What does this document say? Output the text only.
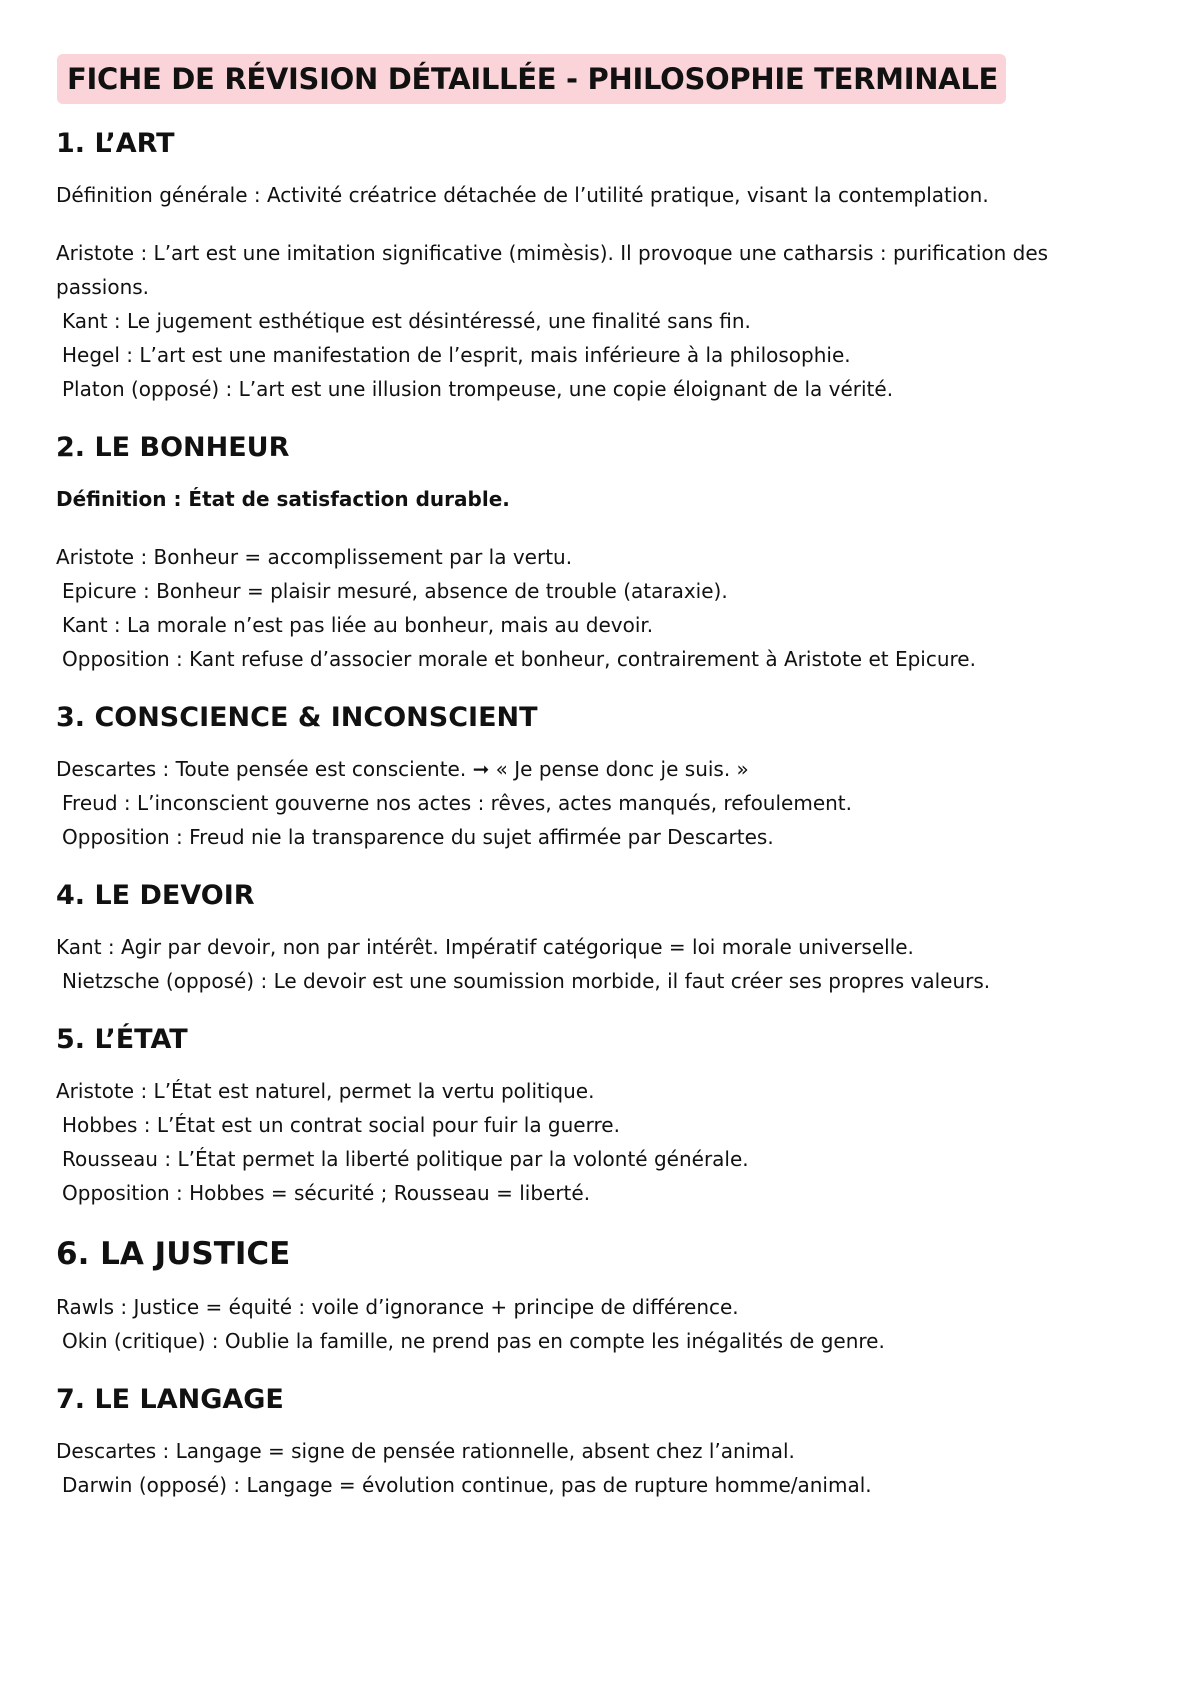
FICHE DE RÉVISION DÉTAILLÉE - PHILOSOPHIE TERMINALE
1. L’ART

Définition générale : Activité créatrice détachée de l’utilité pratique, visant la contemplation.

Aristote : L’art est une imitation significative (mimèsis). Il provoque une catharsis : purification des

passions.

Kant : Le jugement esthétique est désintéressé, une finalité sans fin.

Hegel : L’art est une manifestation de l’esprit, mais inférieure à la philosophie.

Platon (opposé) : L’art est une illusion trompeuse, une copie éloignant de la vérité.

2. LE BONHEUR

Définition : État de satisfaction durable.

Aristote : Bonheur = accomplissement par la vertu.

Epicure : Bonheur = plaisir mesuré, absence de trouble (ataraxie).

Kant : La morale n’est pas liée au bonheur, mais au devoir.

Opposition : Kant refuse d’associer morale et bonheur, contrairement à Aristote et Epicure.

3. CONSCIENCE & INCONSCIENT

Descartes : Toute pensée est consciente. ➞ « Je pense donc je suis. »

Freud : L’inconscient gouverne nos actes : rêves, actes manqués, refoulement.

Opposition : Freud nie la transparence du sujet affirmée par Descartes.

4. LE DEVOIR

Kant : Agir par devoir, non par intérêt. Impératif catégorique = loi morale universelle.

Nietzsche (opposé) : Le devoir est une soumission morbide, il faut créer ses propres valeurs.

5. L’ÉTAT

Aristote : L’État est naturel, permet la vertu politique.

Hobbes : L’État est un contrat social pour fuir la guerre.

Rousseau : L’État permet la liberté politique par la volonté générale.

Opposition : Hobbes = sécurité ; Rousseau = liberté.

6. LA JUSTICE

Rawls : Justice = équité : voile d’ignorance + principe de différence.

Okin (critique) : Oublie la famille, ne prend pas en compte les inégalités de genre.

7. LE LANGAGE

Descartes : Langage = signe de pensée rationnelle, absent chez l’animal.

Darwin (opposé) : Langage = évolution continue, pas de rupture homme/animal.
